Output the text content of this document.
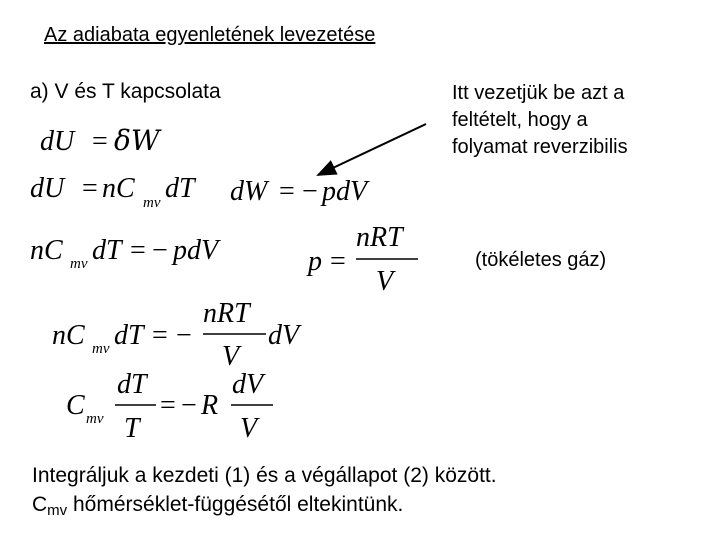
Az adiabata egyenletének levezetése
a) V és T kapcsolata	Itt vezetjük be azt a
feltételt, hogy a
folyamat reverzibilis
(tökéletes gáz)
Integráljuk a kezdeti (1) és a végállapot (2) között.
Cmv hőmérséklet-függésétől eltekintünk.
dU = δW
dU = nC mv dT dW = − pdV
nC mv dT = − pdV	p =
nRT
V
nC mv dT = −
nRT
V
dV
C mv
dT
T
= − R
dV
V
